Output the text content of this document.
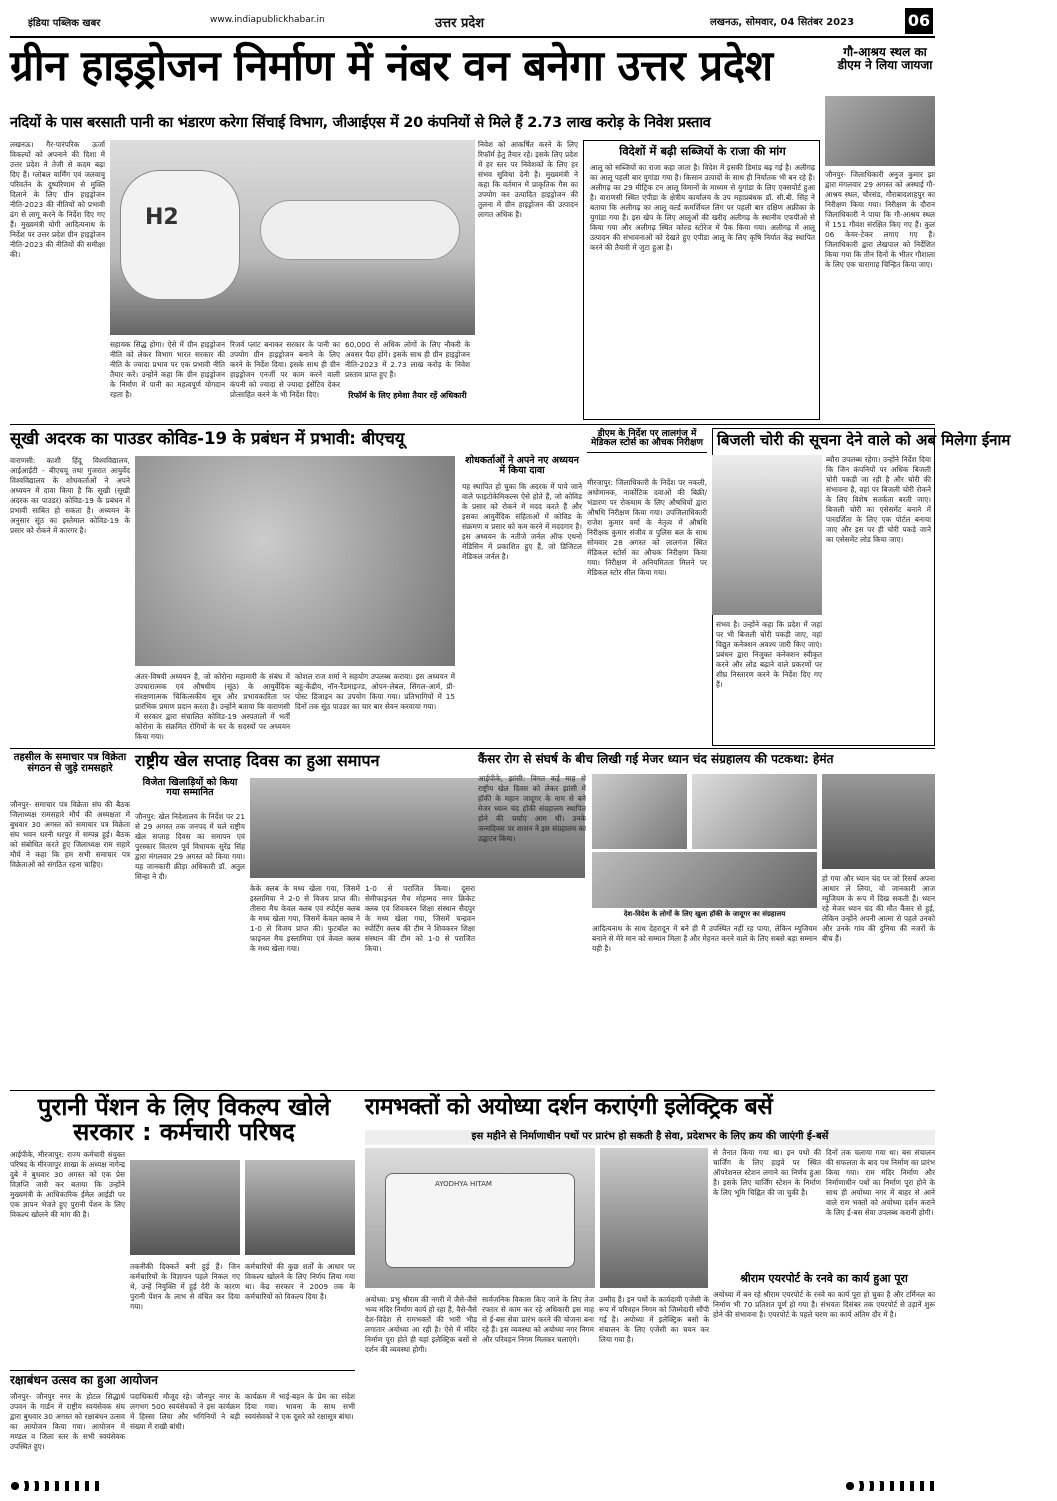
इंडिया पब्लिक खबर	www.indiapublickhabar.in	उत्तर प्रदेश	लखनऊ, सोमवार, 04 सितंबर 2023	06
ग्रीन हाइड्रोजन निर्माण में नंबर वन बनेगा उत्तर प्रदेश
नदियों के पास बरसाती पानी का भंडारण करेगा सिंचाई विभाग, जीआईएस में 20 कंपनियों से मिले हैं 2.73 लाख करोड़ के निवेश प्रस्ताव
लखनऊ। गैर-पारंपरिक ऊर्जा विकल्पों को अपनाने की दिशा में उत्तर प्रदेश ने तेजी से कदम बढ़ा दिए हैं। ग्लोबल वार्मिंग एवं जलवायु परिवर्तन के दुष्परिणाम से मुक्ति दिलाने के लिए ग्रीन हाइड्रोजन नीति-2023 की नीतियों को प्रभावी ढंग से लागू करने के निर्देश दिए गए हैं। मुख्यमंत्री योगी आदित्यनाथ के निर्देश पर उत्तर प्रदेश ग्रीन हाइड्रोजन नीति-2023 की नीतियों की समीक्षा की।
H2
सहायक सिद्ध होगा। ऐसे में ग्रीन हाइड्रोजन नीति को लेकर विभाग भारत सरकार की नीति के ज्यादा प्रभाव पर एक प्रभावी नीति तैयार करें। उन्होंने कहा कि ग्रीन हाइड्रोजन के निर्माण में पानी का महत्वपूर्ण योगदान रहता है।
रिजर्व प्लांट बनाकर सरकार के पानी का उपयोग ग्रीन हाइड्रोजन बनाने के लिए करने के निर्देश दिया। इसके साथ ही ग्रीन हाइड्रोजन एनर्जी पर काम करने वाली कंपनी को ज्यादा से ज्यादा इंसेंटिव देकर प्रोत्साहित करने के भी निर्देश दिए।
60,000 से अधिक लोगों के लिए नौकरी के अवसर पैदा होंगे। इसके साथ ही ग्रीन हाइड्रोजन नीति-2023 में 2.73 लाख करोड़ के निवेश प्रस्ताव प्राप्त हुए हैं।
रिफॉर्म के लिए हमेशा तैयार रहें अधिकारी
निवेश को आकर्षित करने के लिए रिफॉर्म हेतु तैयार रहें। इसके लिए प्रदेश में हर स्तर पर निवेशकों के लिए हर संभव सुविधा देनी है। मुख्यमंत्री ने कहा कि वर्तमान में प्राकृतिक गैस का उपयोग कर उत्पादित हाइड्रोजन की तुलना में ग्रीन हाइड्रोजन की उत्पादन लागत अधिक है।
गौ-आश्रय स्थल का डीएम ने लिया जायजा
जौनपुर- जिलाधिकारी अनुज कुमार झा द्वारा मंगलवार 29 अगस्त को अस्थाई गौ-आश्रय स्थल, चौरसंड, गौराबादशाहपुर का निरीक्षण किया गया। निरीक्षण के दौरान जिलाधिकारी ने पाया कि गौ-आश्रय स्थल में 151 गौवंश संरक्षित किए गए हैं। कुल 06 केयर-टेकर लगाए गए हैं। जिलाधिकारी द्वारा लेखपाल को निर्देशित किया गया कि तीन दिनों के भीतर गौशाला के लिए एक चारागाह चिन्हित किया जाए।
विदेशों में बढ़ी सब्जियों के राजा की मांग
आलू को सब्जियों का राजा कहा जाता है। विदेश में इसकी डिमांड बढ़ गई है। अलीगढ़ का आलू पहली बार युगांडा गया है। किसान उत्पादों के साथ ही निर्यातक भी बन रहे हैं। अलीगढ़ का 29 मीट्रिक टन आलू विमानों के माध्यम से युगांडा के लिए एक्सपोर्ट हुआ है। वाराणसी स्थित एपीडा के क्षेत्रीय कार्यालय के उप महाप्रबंधक डॉ. सी.बी. सिंह ने बताया कि अलीगढ़ का आलू वर्ल्ड कमर्शियल लिंग पर पहली बार दक्षिण अफ्रीका के युगांडा गया है। इस खेप के लिए आलुओं की खरीद अलीगढ़ के स्थानीय एफपीओ से किया गया और अलीगढ़ स्थित कोल्ड स्टोरेज में पैक किया गया। अलीगढ़ में आलू उत्पादन की संभावनाओं को देखते हुए एपीडा आलू के लिए कृषि निर्यात केंद्र स्थापित करने की तैयारी में जुटा हुआ है।
सूखी अदरक का पाउडर कोविड-19 के प्रबंधन में प्रभावी: बीएचयू
वाराणसी: काशी हिंदू विश्वविद्यालय, आईआईटी - बीएचयू तथा गुजरात आयुर्वेद विश्वविद्यालय के शोधकर्ताओं ने अपने अध्ययन में दावा किया है कि सूखी (सूखी अदरक का पाउडर) कोविड-19 के प्रबंधन में प्रभावी साबित हो सकता है। अध्ययन के अनुसार सूंठ का इस्तेमाल कोविड-19 के प्रसार को रोकने में कारगर है।
अंतर-विषयी अध्ययन है, जो कोरोना महामारी के संबंध में उपचारात्मक एवं औषधीय (सूंठ) के आयुर्वेदिक संरक्षणात्मक चिकित्सकीय सूत्र और प्रभावकारिता पर प्रारंभिक प्रमाण प्रदान करता है। उन्होंने बताया कि वाराणसी में सरकार द्वारा संचालित कोविड-19 अस्पतालों में भर्ती कोरोना के संक्रमित रोगियों के घर के सदस्यों पर अध्ययन किया गया।
कोशल राज शर्मा ने सहयोग उपलब्ध कराया। इस अध्ययन में बहु-केंद्रीय, नॉन-रैंडमाइज्ड, ओपन-लेबल, सिंगल-आर्म, प्री-पोस्ट डिजाइन का उपयोग किया गया। प्रतिभागियों में 15 दिनों तक सूंठ पाउडर का चार बार सेवन करवाया गया।
शोधकर्ताओं ने अपने नए अध्ययन में किया दावा
यह स्थापित हो चुका कि अदरक में पाये जाने वाले फाइटोकेमिकल्स ऐसे होते हैं, जो कोविड के प्रसार को रोकने में मदद करते हैं और इसका आयुर्वेदिक संहिताओं में कोविड के संक्रमण व प्रसार को कम करने में मददगार है। इस अध्ययन के नतीजे जर्नल ऑफ एथनो मेडिसिन में प्रकाशित हुए हैं, जो डिजिटल मेडिकल जर्नल है।
डीएम के निर्देश पर लालगंज में मेडिकल स्टोर्स का औचक निरीक्षण
मीरजापुर: जिलाधिकारी के निर्देश पर नकली, अधोमानक, नार्कोटिक दवाओं की बिक्री/भंडारण पर रोकथाम के लिए औषधियों द्वारा औषधि निरीक्षण किया गया। उपजिलाधिकारी राजेश कुमार वर्मा के नेतृत्व में औषधि निरीक्षक कुमार संजीव व पुलिस बल के साथ सोमवार 28 अगस्त को लालगंज स्थित मेडिकल स्टोर्स का औचक निरीक्षण किया गया। निरीक्षण में अनियमितता मिलने पर मेडिकल स्टोर सील किया गया।
बिजली चोरी की सूचना देने वाले को अब मिलेगा ईनाम
ब्यौरा उपलब्ध रहेगा। उन्होंने निर्देश दिया कि जिन कंपनियों पर अधिक बिजली चोरी पकड़ी जा रही है और चोरी की संभावना है, वहां पर बिजली चोरी रोकने के लिए विशेष सतर्कता बरती जाए। बिजली चोरी का एसेसमेंट बनाने में पारदर्शिता के लिए एक पोर्टल बनाया जाए और इस पर ही चोरी पकड़े जाने का एसेसमेंट लोड किया जाए।
संभव है। उन्होंने कहा कि प्रदेश में जहां पर भी बिजली चोरी पकड़ी जाए, वहां विद्युत कनेक्शन अवश्य जारी किए जाएं। प्रबंधन द्वारा निजुक्त कनेक्शन स्वीकृत करने और लोड बढ़ाने वाले प्रकरणों पर शीघ्र निस्तारण करने के निर्देश दिए गए हैं।
तहसील के समाचार पत्र विक्रेता संगठन से जुड़े रामसहारे
जौनपुर- समाचार पत्र विक्रेता संघ की बैठक जिलाध्यक्ष रामसहारे मौर्य की अध्यक्षता में बुधवार 30 अगस्त को समाचार पत्र विक्रेता संघ भवन धरनी धरपुर में सम्पन्न हुई। बैठक को संबोधित करते हुए जिलाध्यक्ष राम सहारे मौर्य ने कहा कि हम सभी समाचार पत्र विक्रेताओं को संगठित रहना चाहिए।
राष्ट्रीय खेल सप्ताह दिवस का हुआ समापन
विजेता खिलाड़ियों को किया गया सम्मानित
जौनपुर: खेल निदेशालय के निर्देश पर 21 से 29 अगस्त तक जनपद में चले राष्ट्रीय खेल सप्ताह दिवस का समापन एवं पुरस्कार वितरण पूर्व विधायक सुरेंद्र सिंह द्वारा मंगलवार 29 अगस्त को किया गया। यह जानकारी क्रीड़ा अधिकारी डॉ. अतुल सिन्हा ने दी।
केके क्लब के मध्य खेला गया, जिसमें इस्लामिया ने 2-0 से विजय प्राप्त की। तीसरा मैच केवल क्लब एवं स्पोर्ट्स क्लब के मध्य खेला गया, जिसमें केवल क्लब ने 1-0 से विजय प्राप्त की। फुटबॉल का फाइनल मैच इस्लामिया एवं केवल क्लब के मध्य खेला गया।
1-0 से पराजित किया। दूसरा सेमीफाइनल मैच मोहम्मद नगर क्रिकेट क्लब एवं शिवकरन शिक्षा संस्थान सैदपुर के मध्य खेला गया, जिसमें चन्द्रवन स्पोर्टिंग क्लब की टीम ने शिवकरन शिक्षा संस्थान की टीम को 1-0 से पराजित किया।
कैंसर रोग से संघर्ष के बीच लिखी गई मेजर ध्यान चंद संग्रहालय की पटकथा: हेमंत
आईपीके, झांसी: विगत कई माह से राष्ट्रीय खेल दिवस को लेकर झांसी में हॉकी के महान जादूगर के नाम से बने मेजर ध्यान चंद हॉकी संग्रहालय स्थापित होने की चर्चाएं आम थीं। उनके जन्मदिवस पर शासन ने इस संग्रहालय का उद्घाटन किया।
देश-विदेश के लोगों के लिए खुला हॉकी के जादूगर का संग्रहालय
आदित्यनाथ के साथ देहरादून में बने ही मैं उपस्थित नहीं रह पाया, लेकिन म्यूजियम बनाने से मेरे मान को सम्मान मिला है और मेहनत करने वाले के लिए सबसे बड़ा सम्मान यही है।
हो गया और ध्यान चंद पर जो रिसर्च अपना आधार ले लिया, वो जानकारी आज म्यूजियम के रूप में दिख सकती हैं। ध्यान रहे मेजर ध्यान चंद की मौत कैंसर से हुई, लेकिन उन्होंने अपनी आत्मा से पहले उनको और उनके गांव की दुनिया की नजरों के बीच हैं।
पुरानी पेंशन के लिए विकल्प खोले सरकार : कर्मचारी परिषद
आईपीके, मीरजापुर: राज्य कर्मचारी संयुक्त परिषद के मीरजापुर शाखा के अध्यक्ष नागेन्द्र दुबे ने बुधवार 30 अगस्त को एक प्रेस विज्ञप्ति जारी कर बताया कि उन्होंने मुख्यमंत्री के आधिकारिक ईमेल आईडी पर एक ज्ञापन भेजते हुए पुरानी पेंशन के लिए विकल्प खोलने की मांग की है।
तकनीकी दिक्कतें बनी हुई हैं। जिन कर्मचारियों के विज्ञापन पहले निकल गए थे, उन्हें नियुक्ति में हुई देरी के कारण पुरानी पेंशन के लाभ से वंचित कर दिया गया।
कर्मचारियों की कुछ शर्तों के आधार पर विकल्प खोलने के लिए निर्णय लिया गया था। केंद्र सरकार ने 2009 तक के कर्मचारियों को विकल्प दिया है।
रक्षाबंधन उत्सव का हुआ आयोजन
जौनपुर- जौनपुर नगर के होटल सिद्धार्थ उपवन के गार्डन में राष्ट्रीय स्वयंसेवक संघ द्वारा बुधवार 30 अगस्त को रक्षाबंधन उत्सव का आयोजन किया गया। आयोजन में मण्डल व जिला स्तर के सभी स्वयंसेवक उपस्थित हुए।
पदाधिकारी मौजूद रहे। जौनपुर नगर के लगभग 500 स्वयंसेवकों ने इस कार्यक्रम में हिस्सा लिया और भगिनियों ने बड़ी संख्या में राखी बांधी।
कार्यक्रम में भाई-बहन के प्रेम का संदेश दिया गया। भावना के साथ सभी स्वयंसेवकों ने एक दूसरे को रक्षासूत्र बांधा।
रामभक्तों को अयोध्या दर्शन कराएंगी इलेक्ट्रिक बसें
इस महीने से निर्माणाधीन पथों पर प्रारंभ हो सकती है सेवा, प्रदेशभर के लिए क्रय की जाएंगी ई-बसें
AYODHYA HITAM
से तैनात किया गया था। इन पथों की चार्जिंग के लिए हाइवे पर स्थित ऑपरेशनल स्टेशन लगाने का निर्णय हुआ है। इसके लिए चार्जिंग स्टेशन के निर्माण के लिए भूमि चिह्नित की जा चुकी है।
दिनों तक चलाया गया था। बस संचालन की सफलता के बाद पथ निर्माण का प्रारंभ किया गया। राम मंदिर निर्माण और निर्माणाधीन पथों का निर्माण पूरा होने के साथ ही अयोध्या नगर में बाहर से आने वाले राम भक्तों को अयोध्या दर्शन कराने के लिए ई-बस सेवा उपलब्ध करानी होगी।
अयोध्या: प्रभु श्रीराम की नगरी में जैसे-जैसे भव्य मंदिर निर्माण कार्य हो रहा है, वैसे-वैसे देश-विदेश से रामभक्तों की भारी भीड़ लगातार अयोध्या आ रही है। ऐसे में मंदिर निर्माण पूरा होते ही यहां इलेक्ट्रिक बसों से दर्शन की व्यवस्था होगी।
सार्वजनिक विकास किए जाने के लिए तेज रफ्तार से काम कर रहे अधिकारी इस माह से ई-बस सेवा प्रारंभ करने की योजना बना रहे हैं। इस व्यवस्था को अयोध्या नगर निगम और परिवहन निगम मिलकर चलाएंगे।
उम्मीद है। इन पथों के कार्यदायी एजेंसी के रूप में परिवहन निगम को जिम्मेदारी सौंपी गई है। अयोध्या में इलेक्ट्रिक बसों के संचालन के लिए एजेंसी का चयन कर लिया गया है।
श्रीराम एयरपोर्ट के रनवे का कार्य हुआ पूरा
अयोध्या में बन रहे श्रीराम एयरपोर्ट के रनवे का कार्य पूरा हो चुका है और टर्मिनल का निर्माण भी 70 प्रतिशत पूर्ण हो गया है। संभवतः दिसंबर तक एयरपोर्ट से उड़ानें शुरू होने की संभावना है। एयरपोर्ट के पहले चरण का कार्य अंतिम दौर में है।
